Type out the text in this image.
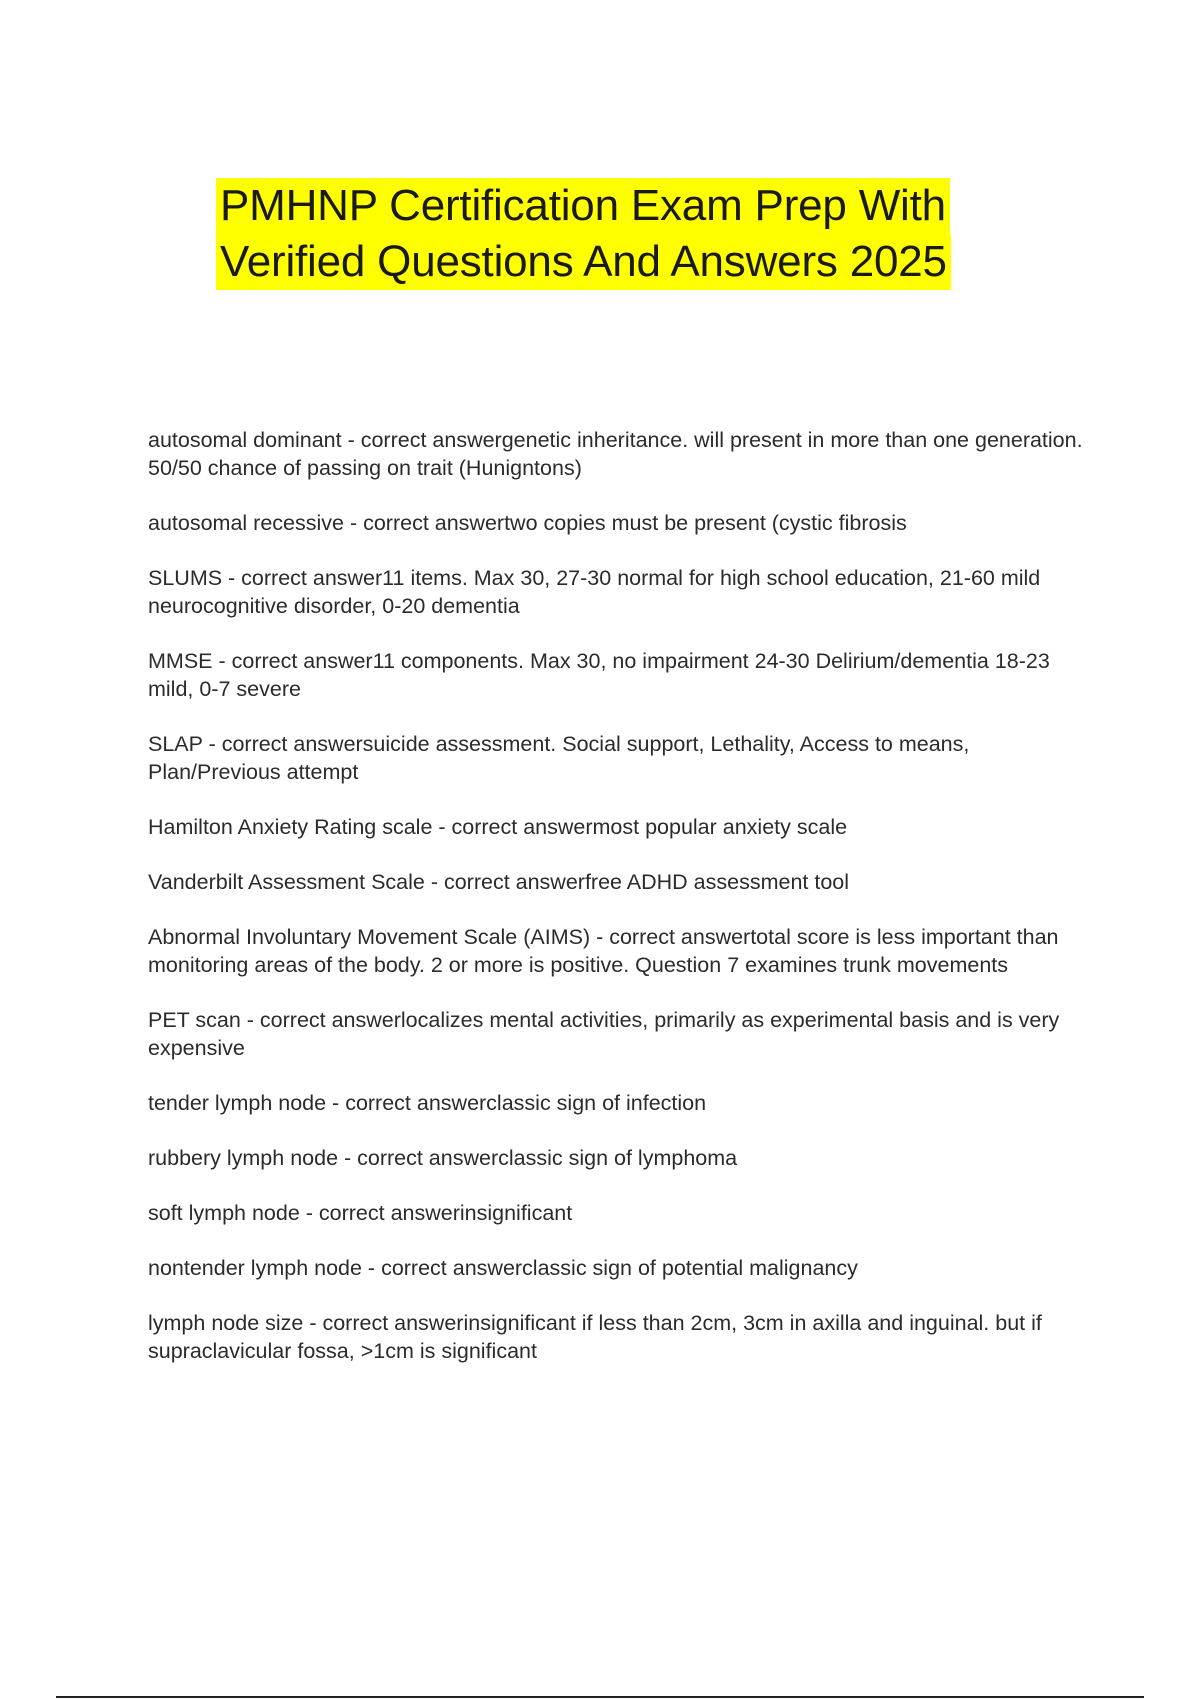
PMHNP Certification Exam Prep With
Verified Questions And Answers 2025

autosomal dominant - correct answergenetic inheritance. will present in more than one generation. 50/50 chance of passing on trait (Hunigntons)

autosomal recessive - correct answertwo copies must be present (cystic fibrosis

SLUMS - correct answer11 items. Max 30, 27-30 normal for high school education, 21-60 mild neurocognitive disorder, 0-20 dementia

MMSE - correct answer11 components. Max 30, no impairment 24-30 Delirium/dementia 18-23 mild, 0-7 severe

SLAP - correct answersuicide assessment. Social support, Lethality, Access to means, Plan/Previous attempt

Hamilton Anxiety Rating scale - correct answermost popular anxiety scale

Vanderbilt Assessment Scale - correct answerfree ADHD assessment tool

Abnormal Involuntary Movement Scale (AIMS) - correct answertotal score is less important than monitoring areas of the body. 2 or more is positive. Question 7 examines trunk movements

PET scan - correct answerlocalizes mental activities, primarily as experimental basis and is very expensive

tender lymph node - correct answerclassic sign of infection

rubbery lymph node - correct answerclassic sign of lymphoma

soft lymph node - correct answerinsignificant

nontender lymph node - correct answerclassic sign of potential malignancy

lymph node size - correct answerinsignificant if less than 2cm, 3cm in axilla and inguinal. but if supraclavicular fossa, >1cm is significant
